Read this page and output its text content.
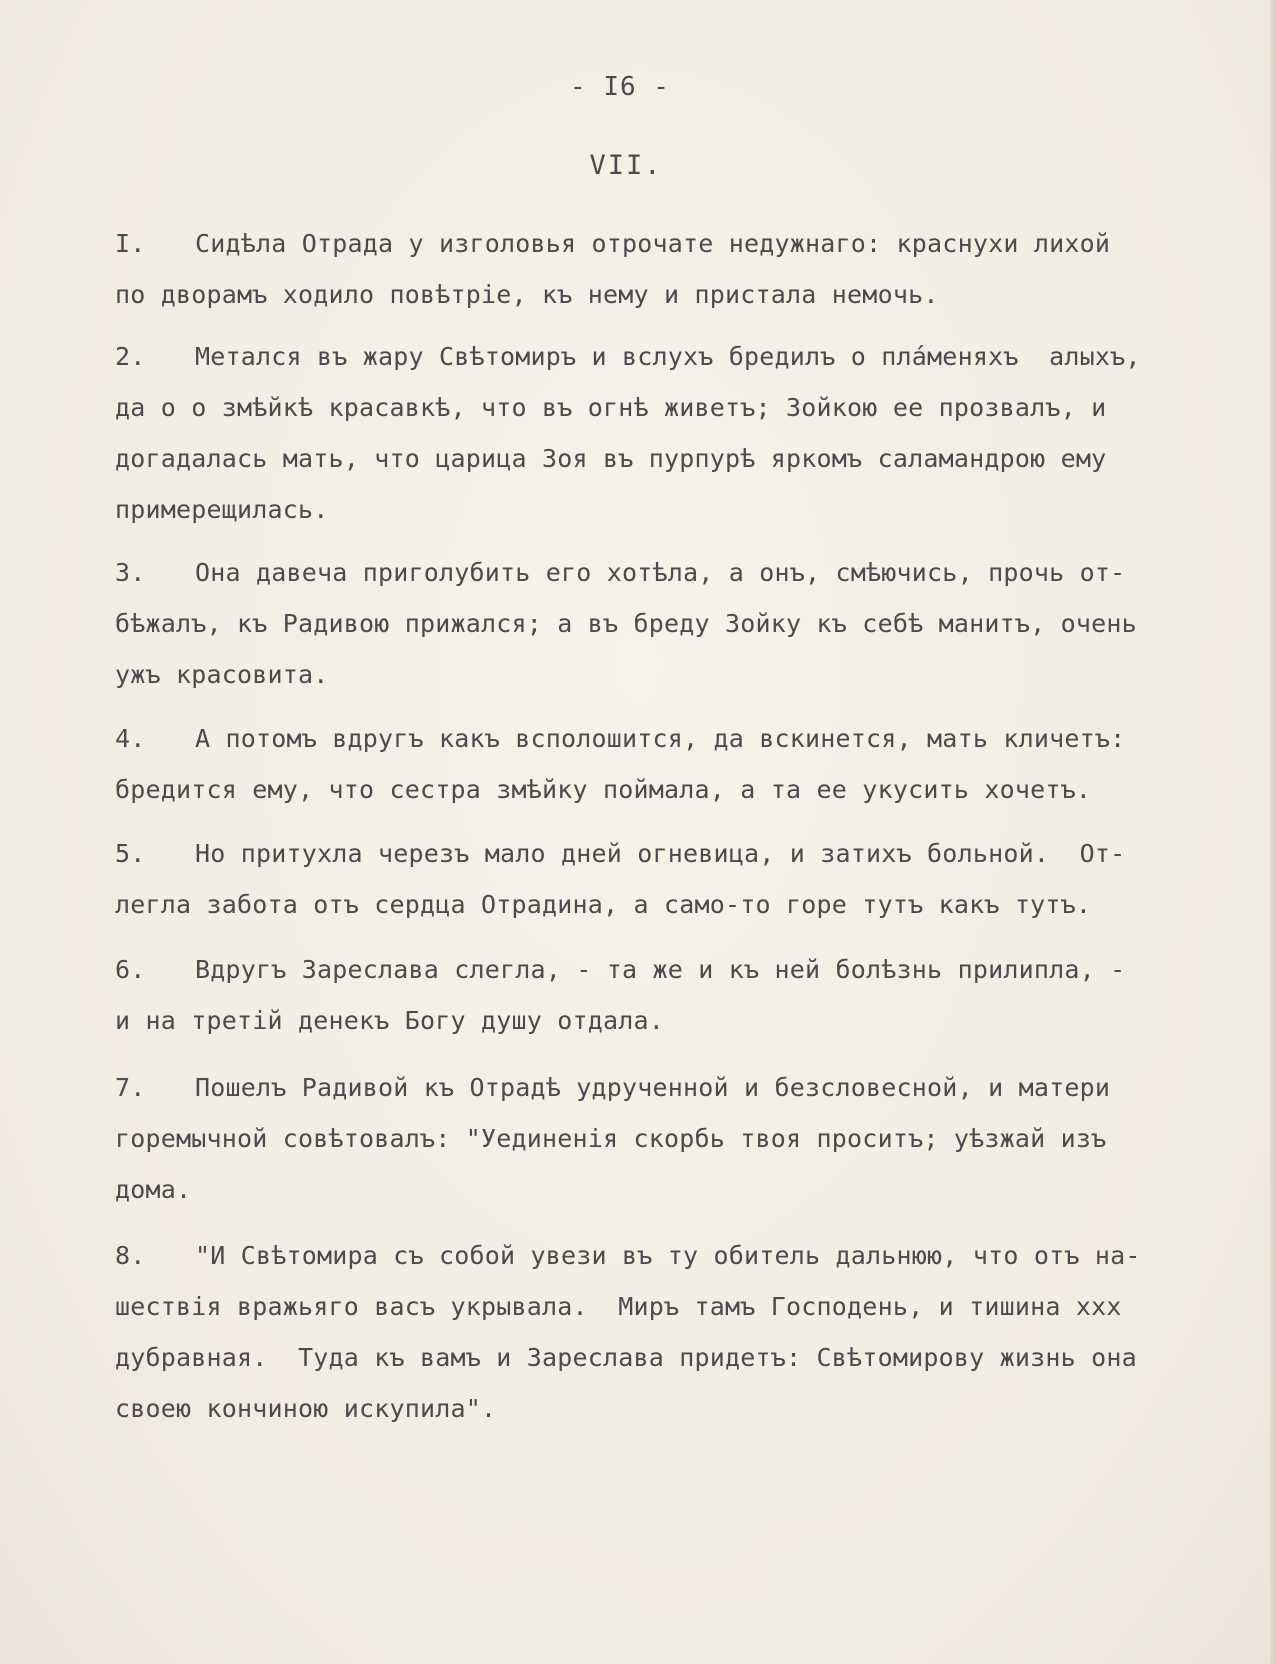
- I6 -
VII.
I. Сидѣла Отрада у изголовья отрочате недужнаго: краснухи лихой
по дворамъ ходило повѣтріе, къ нему и пристала немочь.
2. Метался въ жару Свѣтомиръ и вслухъ бредилъ о пла́меняхъ  алыхъ,
да о о змѣйкѣ красавкѣ, что въ огнѣ живетъ; Зойкою ее прозвалъ, и
догадалась мать, что царица Зоя въ пурпурѣ яркомъ саламандрою ему
примерещилась.
3. Она давеча приголубить его хотѣла, а онъ, смѣючись, прочь от-
бѣжалъ, къ Радивою прижался; а въ бреду Зойку къ себѣ манитъ, очень
ужъ красовита.
4. А потомъ вдругъ какъ всполошится, да вскинется, мать кличетъ:
бредится ему, что сестра змѣйку поймала, а та ее укусить хочетъ.
5. Но притухла черезъ мало дней огневица, и затихъ больной.  От-
легла забота отъ сердца Отрадина, а само-то горе тутъ какъ тутъ.
6. Вдругъ Зареслава слегла, - та же и къ ней болѣзнь прилипла, -
и на третій денекъ Богу душу отдала.
7. Пошелъ Радивой къ Отрадѣ удрученной и безсловесной, и матери
горемычной совѣтовалъ: "Уединенія скорбь твоя проситъ; уѣзжай изъ
дома.
8. "И Свѣтомира съ собой увези въ ту обитель дальнюю, что отъ на-
шествія вражьяго васъ укрывала.  Миръ тамъ Господень, и тишина ххх
дубравная.  Туда къ вамъ и Зареслава придетъ: Свѣтомирову жизнь она
своею кончиною искупила".
